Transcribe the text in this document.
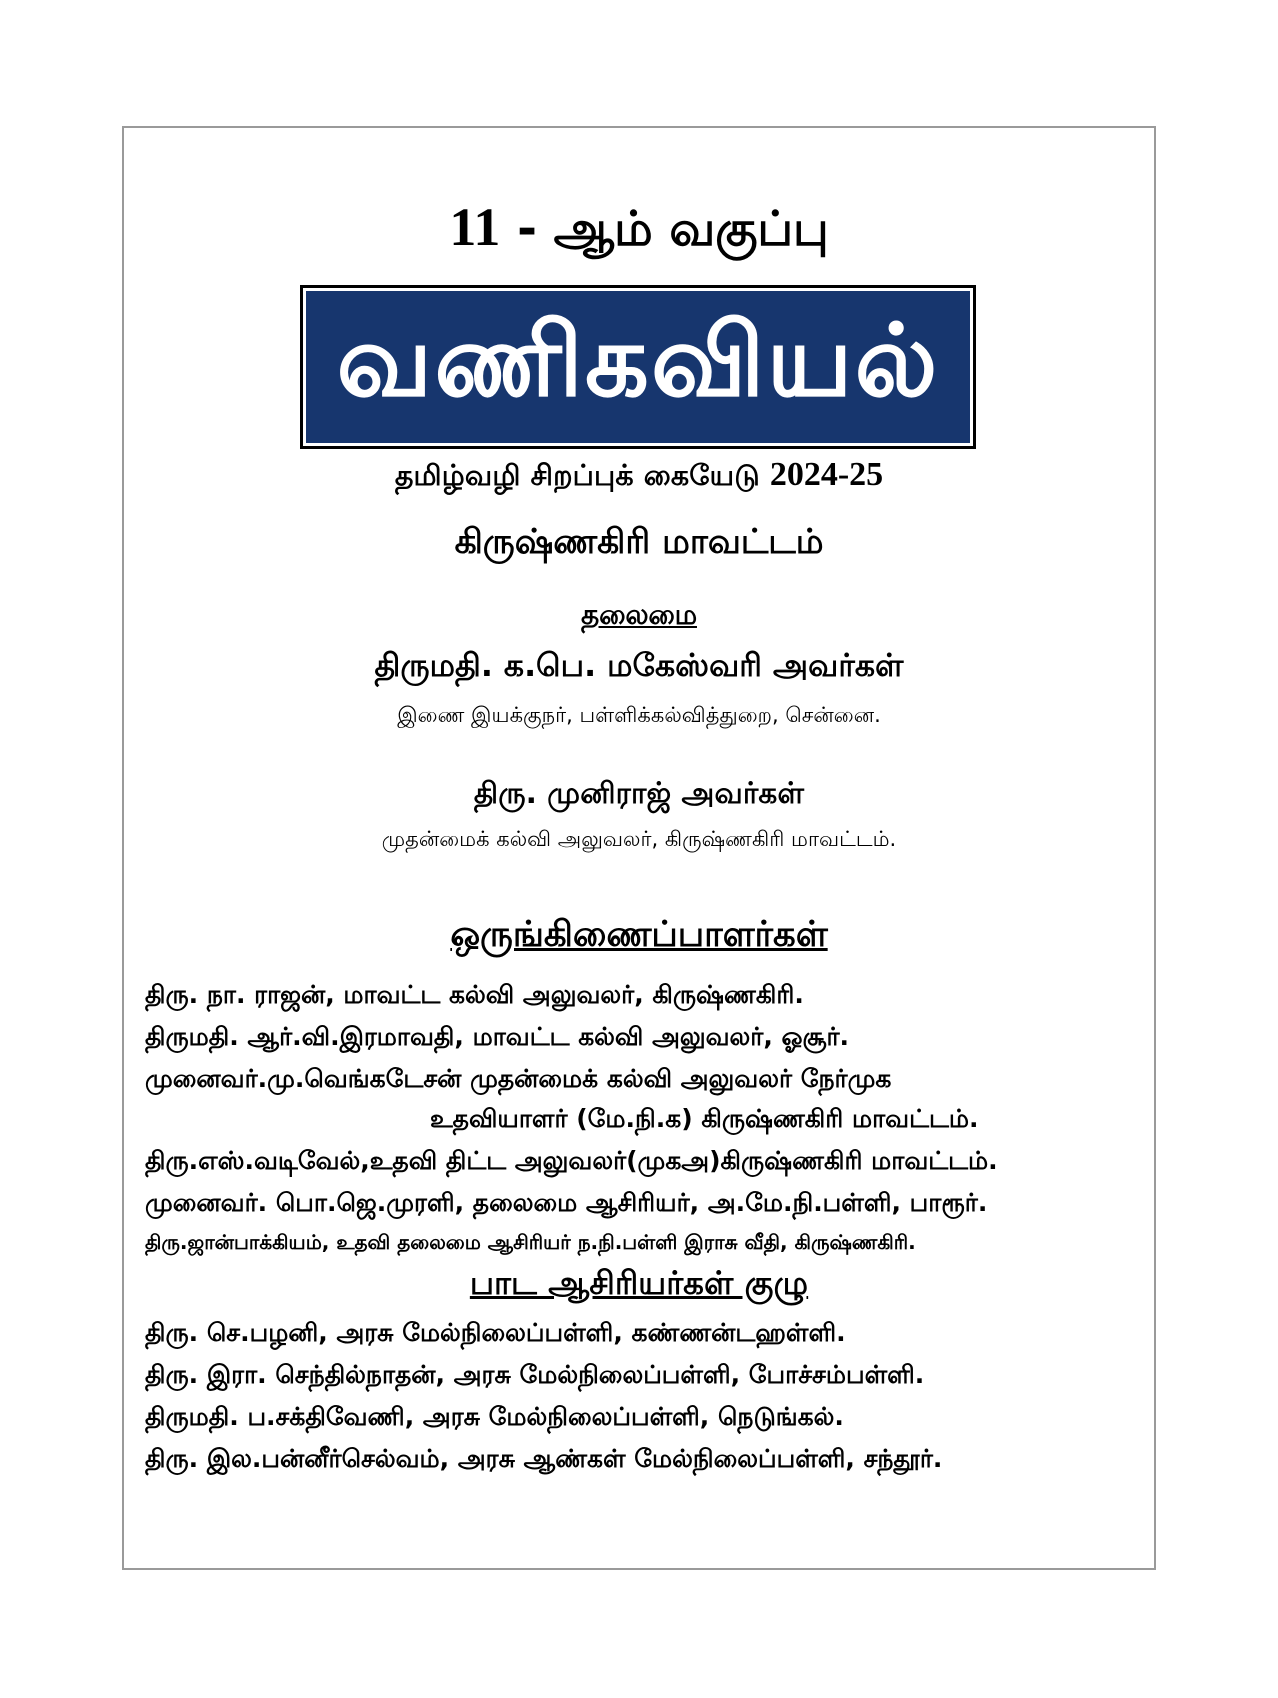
11 - ஆம் வகுப்பு
வணிகவியல்
தமிழ்வழி சிறப்புக் கையேடு 2024-25
கிருஷ்ணகிரி மாவட்டம்
தலைமை
திருமதி. க.பெ. மகேஸ்வரி அவர்கள்
இணை இயக்குநர், பள்ளிக்கல்வித்துறை, சென்னை.
திரு. முனிராஜ் அவர்கள்
முதன்மைக் கல்வி அலுவலர், கிருஷ்ணகிரி மாவட்டம்.
ஒருங்கிணைப்பாளர்கள்
திரு. நா. ராஜன், மாவட்ட கல்வி அலுவலர், கிருஷ்ணகிரி.
திருமதி. ஆர்.வி.இரமாவதி, மாவட்ட கல்வி அலுவலர், ஓசூர்.
முனைவர்.மு.வெங்கடேசன் முதன்மைக் கல்வி அலுவலர் நேர்முக
உதவியாளர் (மே.நி.க) கிருஷ்ணகிரி மாவட்டம்.
திரு.எஸ்.வடிவேல்,உதவி திட்ட அலுவலர்(முகஅ)கிருஷ்ணகிரி மாவட்டம்.
முனைவர். பொ.ஜெ.முரளி, தலைமை ஆசிரியர், அ.மே.நி.பள்ளி, பாரூர்.
திரு.ஜான்பாக்கியம், உதவி தலைமை ஆசிரியர் ந.நி.பள்ளி இராசு வீதி, கிருஷ்ணகிரி.
பாட ஆசிரியர்கள் குழு
திரு. செ.பழனி, அரசு மேல்நிலைப்பள்ளி, கண்ணன்டஹள்ளி.
திரு. இரா. செந்தில்நாதன், அரசு மேல்நிலைப்பள்ளி, போச்சம்பள்ளி.
திருமதி. ப.சக்திவேணி, அரசு மேல்நிலைப்பள்ளி, நெடுங்கல்.
திரு. இல.பன்னீர்செல்வம், அரசு ஆண்கள் மேல்நிலைப்பள்ளி, சந்தூர்.
